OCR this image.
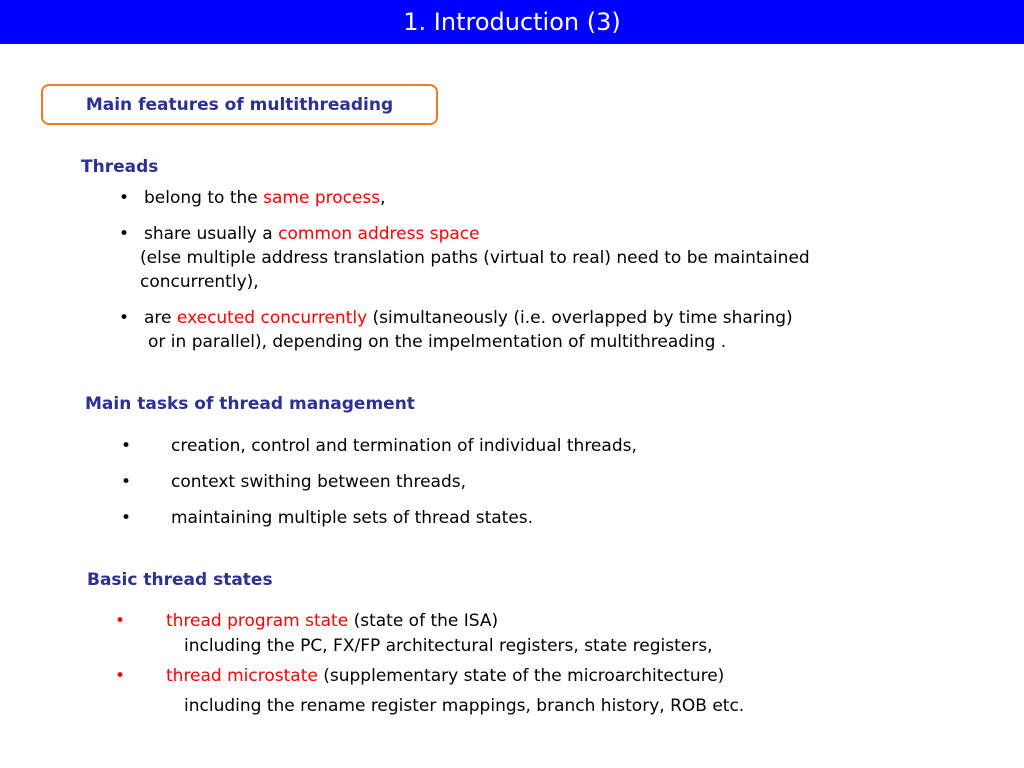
1. Introduction (3)
Main features of multithreading
Threads
• belong to the same process,
• share usually a common address space
(else multiple address translation paths (virtual to real) need to be maintained
concurrently),
• are executed concurrently (simultaneously (i.e. overlapped by time sharing)
or in parallel), depending on the impelmentation of multithreading .
Main tasks of thread management
• creation, control and termination of individual threads,
• context swithing between threads,
• maintaining multiple sets of thread states.
Basic thread states
• thread program state (state of the ISA)
including the PC, FX/FP architectural registers, state registers,
• thread microstate (supplementary state of the microarchitecture)
including the rename register mappings, branch history, ROB etc.
